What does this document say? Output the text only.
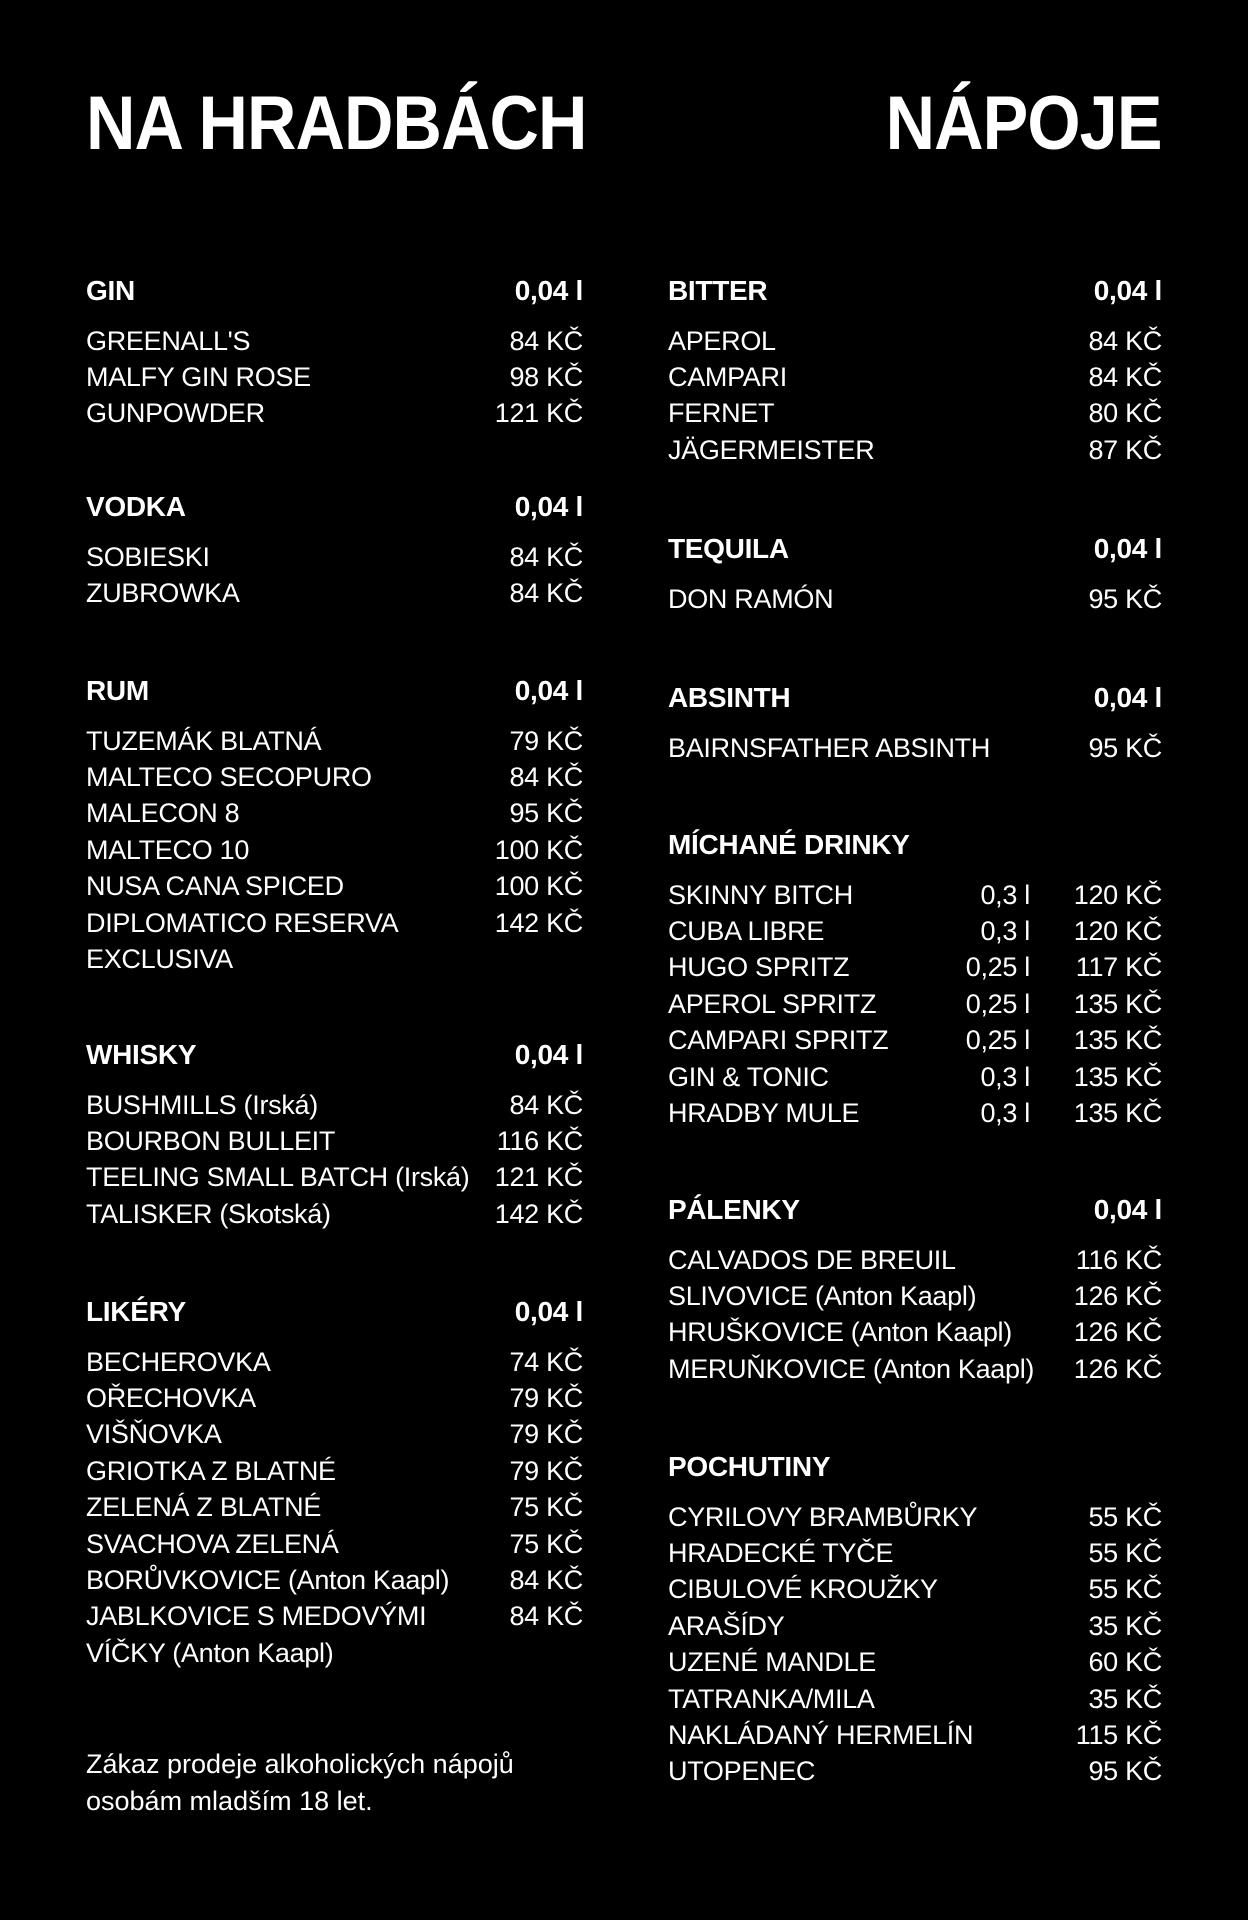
NA HRADBÁCH	NÁPOJE
GIN	0,04 l
GREENALL'S	84 KČ
MALFY GIN ROSE	98 KČ
GUNPOWDER	121 KČ
VODKA	0,04 l
SOBIESKI	84 KČ
ZUBROWKA	84 KČ
RUM	0,04 l
TUZEMÁK BLATNÁ	79 KČ
MALTECO SECOPURO	84 KČ
MALECON 8	95 KČ
MALTECO 10	100 KČ
NUSA CANA SPICED	100 KČ
DIPLOMATICO RESERVA	142 KČ
EXCLUSIVA
WHISKY	0,04 l
BUSHMILLS (Irská)	84 KČ
BOURBON BULLEIT	116 KČ
TEELING SMALL BATCH (Irská) 121 KČ
TALISKER (Skotská)	142 KČ
LIKÉRY	0,04 l
BECHEROVKA	74 KČ
OŘECHOVKA	79 KČ
VIŠŇOVKA	79 KČ
GRIOTKA Z BLATNÉ	79 KČ
ZELENÁ Z BLATNÉ	75 KČ
SVACHOVA ZELENÁ	75 KČ
BORŮVKOVICE (Anton Kaapl)	84 KČ
JABLKOVICE S MEDOVÝMI	84 KČ
VÍČKY (Anton Kaapl)
Zákaz prodeje alkoholických nápojů
osobám mladším 18 let.
BITTER	0,04 l
APEROL	84 KČ
CAMPARI	84 KČ
FERNET	80 KČ
JÄGERMEISTER	87 KČ
TEQUILA	0,04 l
DON RAMÓN	95 KČ
ABSINTH	0,04 l
BAIRNSFATHER ABSINTH	95 KČ
MÍCHANÉ DRINKY
SKINNY BITCH	0,3 l	120 KČ
CUBA LIBRE	0,3 l	120 KČ
HUGO SPRITZ	0,25 l	117 KČ
APEROL SPRITZ	0,25 l	135 KČ
CAMPARI SPRITZ	0,25 l	135 KČ
GIN & TONIC	0,3 l	135 KČ
HRADBY MULE	0,3 l	135 KČ
PÁLENKY	0,04 l
CALVADOS DE BREUIL	116 KČ
SLIVOVICE (Anton Kaapl)	126 KČ
HRUŠKOVICE (Anton Kaapl)	126 KČ
MERUŇKOVICE (Anton Kaapl)	126 KČ
POCHUTINY
CYRILOVY BRAMBŮRKY	55 KČ
HRADECKÉ TYČE	55 KČ
CIBULOVÉ KROUŽKY	55 KČ
ARAŠÍDY	35 KČ
UZENÉ MANDLE	60 KČ
TATRANKA/MILA	35 KČ
NAKLÁDANÝ HERMELÍN	115 KČ
UTOPENEC	95 KČ
